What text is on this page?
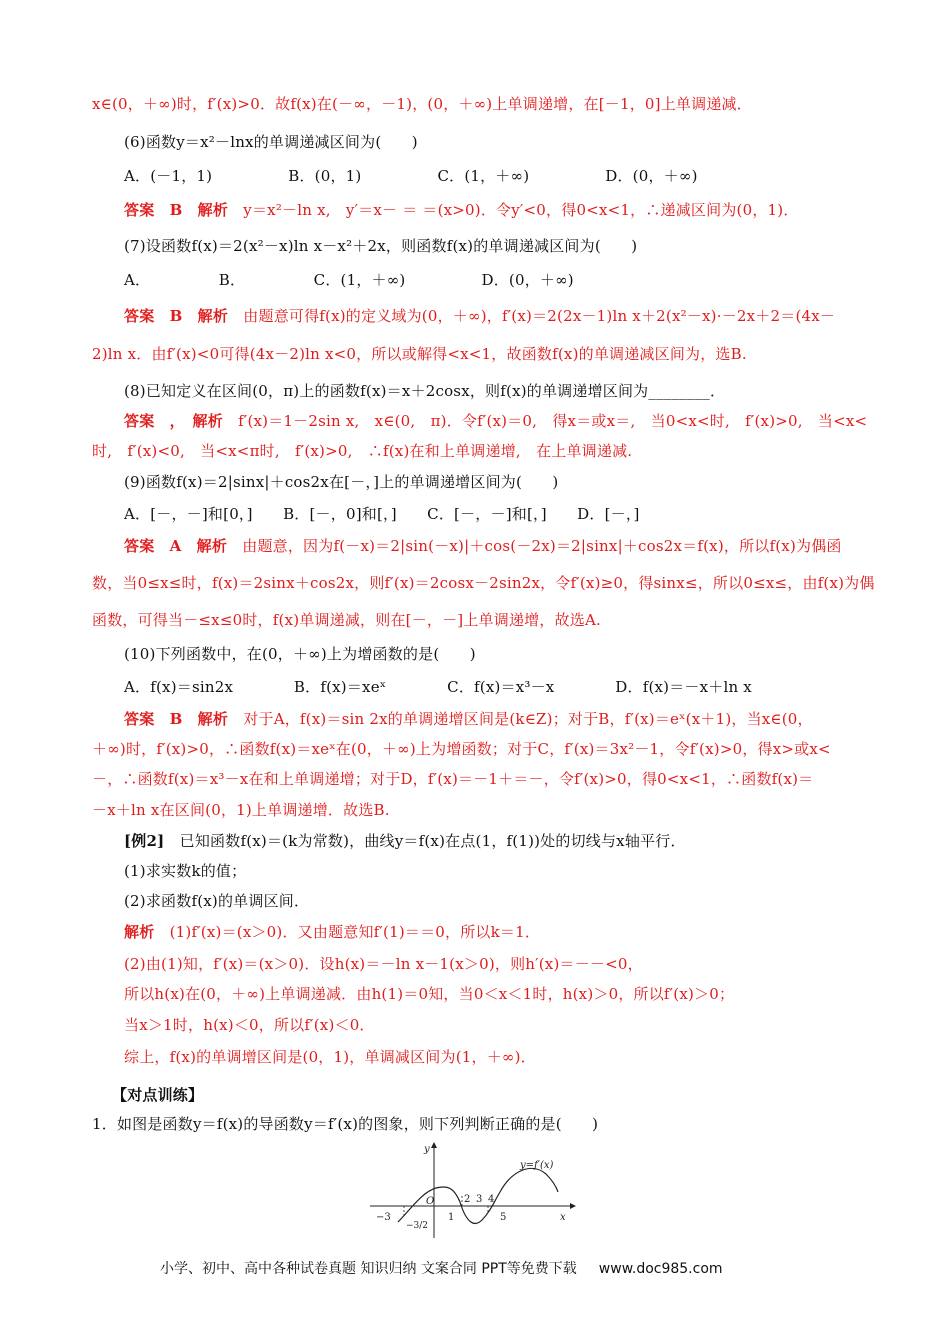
x∈(0，＋∞)时，f′(x)>0．故f(x)在(－∞，－1)，(0，＋∞)上单调递增，在[－1，0]上单调递减．
(6)函数y＝x²－lnx的单调递减区间为(　　)
A．(－1，1)　　　　　B．(0，1)　　　　　C．(1，＋∞)　　　　　D．(0，＋∞)
答案　B　解析　y＝x²－ln x,　y′＝x－ ＝ ＝(x>0)．令y′<0，得0<x<1，∴递减区间为(0，1)．
(7)设函数f(x)＝2(x²－x)ln x－x²＋2x，则函数f(x)的单调递减区间为(　　)
A．　　　　　B．　　　　　C．(1，＋∞)　　　　　D．(0，＋∞)
答案　B　解析　由题意可得f(x)的定义域为(0，＋∞)，f′(x)＝2(2x－1)ln x＋2(x²－x)·－2x＋2＝(4x－
2)ln x．由f′(x)<0可得(4x－2)ln x<0，所以或解得<x<1，故函数f(x)的单调递减区间为，选B.
(8)已知定义在区间(0，π)上的函数f(x)＝x＋2cosx，则f(x)的单调递增区间为________．
答案　，　解析　f′(x)＝1－2sin x,　x∈(0,　π)．令f′(x)＝0,　得x＝或x＝,　当0<x<时,　f′(x)>0,　当<x<
时,　f′(x)<0,　当<x<π时,　f′(x)>0,　∴f(x)在和上单调递增,　在上单调递减.
(9)函数f(x)＝2|sinx|＋cos2x在[－，]上的单调递增区间为(　　)
A．[－，－]和[0，]　　B．[－，0]和[，]　　C．[－，－]和[，]　　D．[－，]
答案　A　解析　由题意，因为f(－x)＝2|sin(－x)|＋cos(－2x)＝2|sinx|＋cos2x＝f(x)，所以f(x)为偶函
数，当0≤x≤时，f(x)＝2sinx＋cos2x，则f′(x)＝2cosx－2sin2x，令f′(x)≥0，得sinx≤，所以0≤x≤，由f(x)为偶
函数，可得当－≤x≤0时，f(x)单调递减，则在[－，－]上单调递增，故选A.
(10)下列函数中，在(0，＋∞)上为增函数的是(　　)
A．f(x)＝sin2x　　　　B．f(x)＝xeˣ　　　　C．f(x)＝x³－x　　　　D．f(x)＝－x＋ln x
答案　B　解析　对于A，f(x)＝sin 2x的单调递增区间是(k∈Z)；对于B，f′(x)＝eˣ(x＋1)，当x∈(0，
＋∞)时，f′(x)>0，∴函数f(x)＝xeˣ在(0，＋∞)上为增函数；对于C，f′(x)＝3x²－1，令f′(x)>0，得x>或x<
－，∴函数f(x)＝x³－x在和上单调递增；对于D，f′(x)＝－1＋＝－，令f′(x)>0，得0<x<1，∴函数f(x)＝
－x＋ln x在区间(0，1)上单调递增．故选B.
[例2]　已知函数f(x)＝(k为常数)，曲线y＝f(x)在点(1，f(1))处的切线与x轴平行．
(1)求实数k的值；
(2)求函数f(x)的单调区间．
解析　(1)f′(x)＝(x＞0)．又由题意知f′(1)＝＝0，所以k＝1．
(2)由(1)知，f′(x)＝(x＞0)．设h(x)＝－ln x－1(x＞0)，则h′(x)＝－－<0，
所以h(x)在(0，＋∞)上单调递减．由h(1)＝0知，当0＜x＜1时，h(x)＞0，所以f′(x)＞0；
当x＞1时，h(x)＜0，所以f′(x)＜0．
综上，f(x)的单调增区间是(0，1)，单调减区间为(1，＋∞)．
【对点训练】
1．如图是函数y＝f(x)的导函数y＝f′(x)的图象，则下列判断正确的是(　　)
y=f′(x)
y
x
O
−3
−3/2
1
2 3 4
5
小学、初中、高中各种试卷真题 知识归纳 文案合同 PPT等免费下载 www.doc985.com
